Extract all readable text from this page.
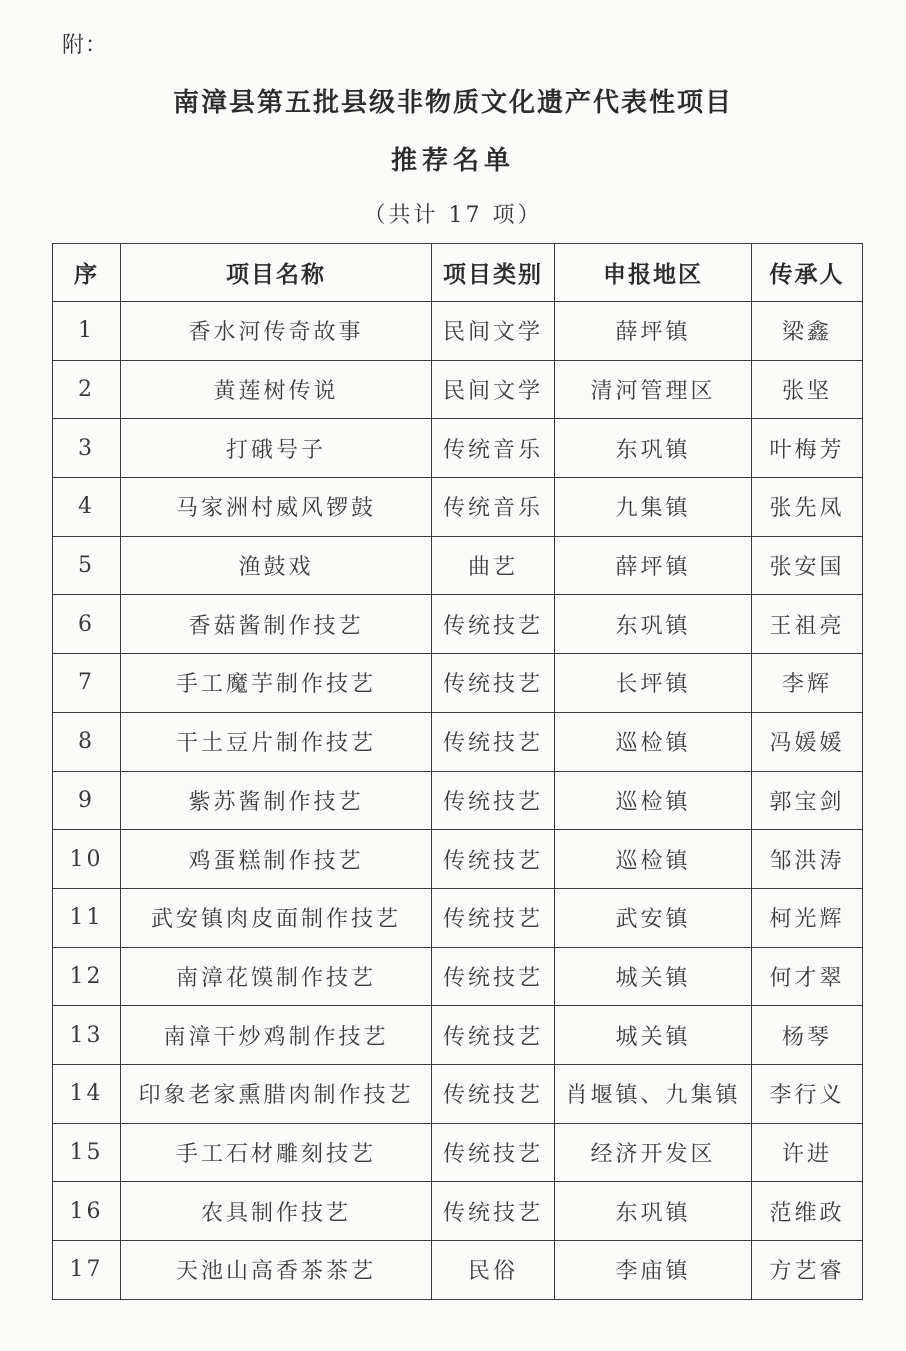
附：
南漳县第五批县级非物质文化遗产代表性项目
推荐名单
（共计 17 项）
序	项目名称	项目类别	申报地区	传承人
1	香水河传奇故事	民间文学	薛坪镇	梁鑫
2	黄莲树传说	民间文学	清河管理区	张坚
3	打硪号子	传统音乐	东巩镇	叶梅芳
4	马家洲村威风锣鼓	传统音乐	九集镇	张先凤
5	渔鼓戏	曲艺	薛坪镇	张安国
6	香菇酱制作技艺	传统技艺	东巩镇	王祖亮
7	手工魔芋制作技艺	传统技艺	长坪镇	李辉
8	干土豆片制作技艺	传统技艺	巡检镇	冯媛媛
9	紫苏酱制作技艺	传统技艺	巡检镇	郭宝剑
10	鸡蛋糕制作技艺	传统技艺	巡检镇	邹洪涛
11	武安镇肉皮面制作技艺	传统技艺	武安镇	柯光辉
12	南漳花馍制作技艺	传统技艺	城关镇	何才翠
13	南漳干炒鸡制作技艺	传统技艺	城关镇	杨琴
14	印象老家熏腊肉制作技艺	传统技艺	肖堰镇、九集镇	李行义
15	手工石材雕刻技艺	传统技艺	经济开发区	许进
16	农具制作技艺	传统技艺	东巩镇	范维政
17	天池山高香茶茶艺	民俗	李庙镇	方艺睿
